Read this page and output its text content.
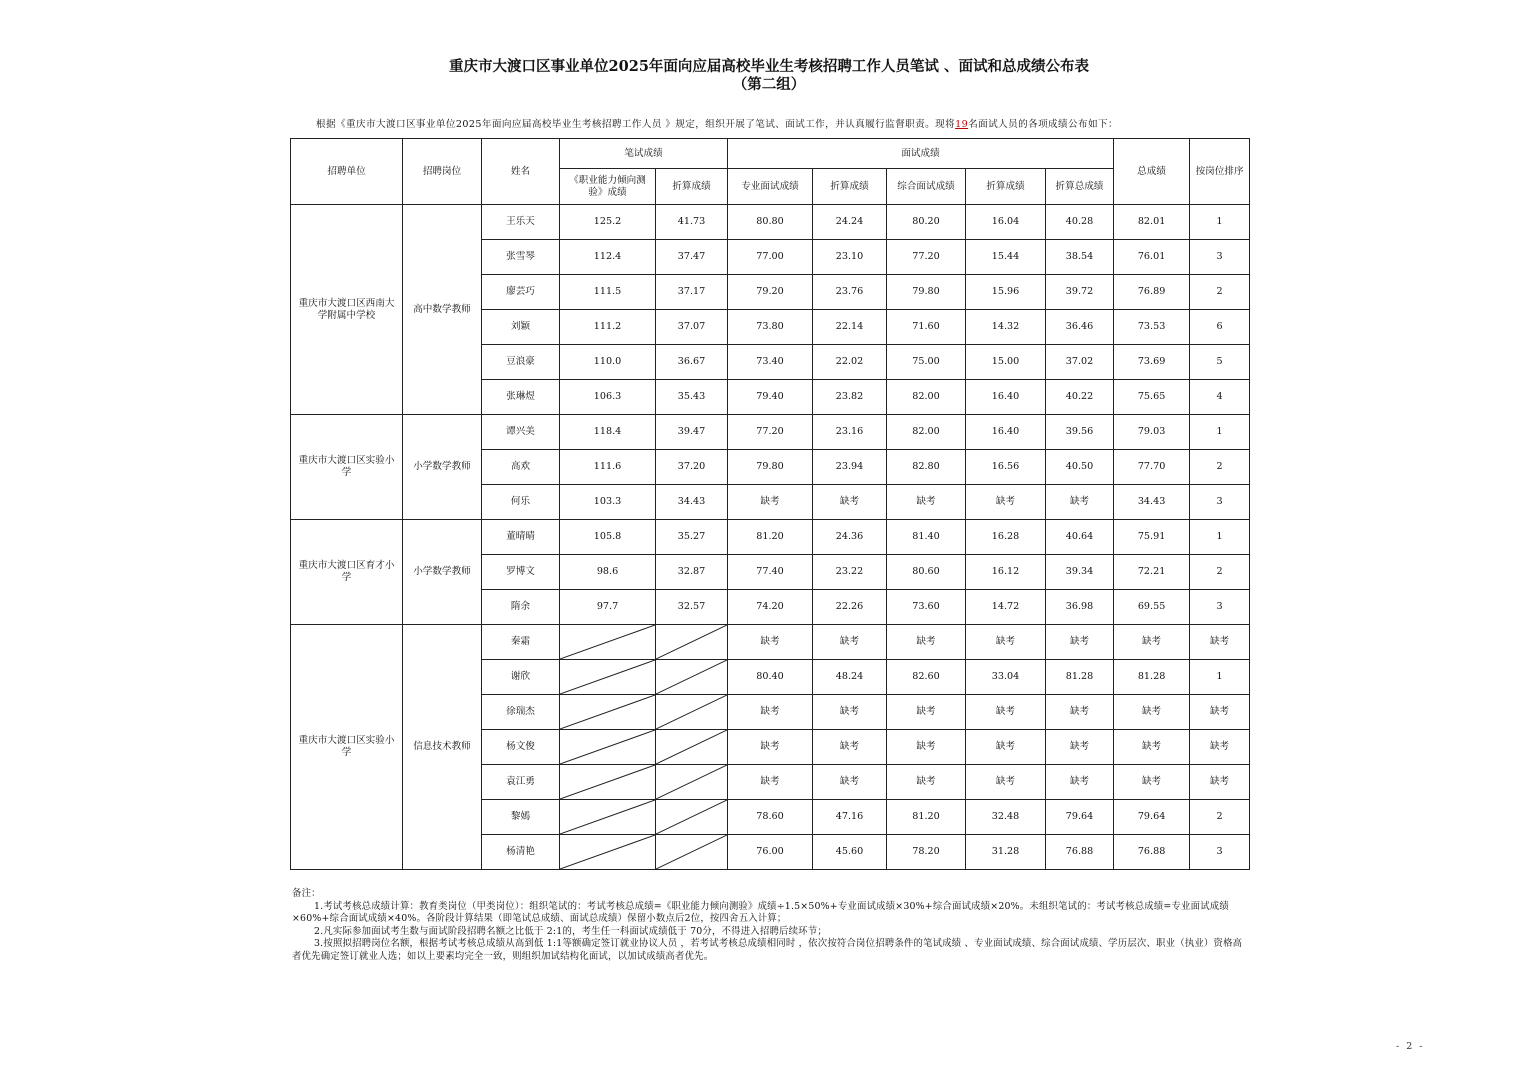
重庆市大渡口区事业单位2025年面向应届高校毕业生考核招聘工作人员笔试 、面试和总成绩公布表
（第二组）
根据《重庆市大渡口区事业单位2025年面向应届高校毕业生考核招聘工作人员 》规定，组织开展了笔试、面试工作，并认真履行监督职责。现将19名面试人员的各项成绩公布如下：
招聘单位	招聘岗位	姓名	笔试成绩		面试成绩					总成绩	按岗位排序
			《职业能力倾向测验》成绩	折算成绩	专业面试成绩	折算成绩	综合面试成绩	折算成绩	折算总成绩		
重庆市大渡口区西南大学附属中学校	高中数学教师	王乐天	125.2	41.73	80.80	24.24	80.20	16.04	40.28	82.01	1
		张雪琴	112.4	37.47	77.00	23.10	77.20	15.44	38.54	76.01	3
		廖芸巧	111.5	37.17	79.20	23.76	79.80	15.96	39.72	76.89	2
		刘颖	111.2	37.07	73.80	22.14	71.60	14.32	36.46	73.53	6
		豆浪豪	110.0	36.67	73.40	22.02	75.00	15.00	37.02	73.69	5
		张琳煜	106.3	35.43	79.40	23.82	82.00	16.40	40.22	75.65	4
重庆市大渡口区实验小学	小学数学教师	谭兴美	118.4	39.47	77.20	23.16	82.00	16.40	39.56	79.03	1
		高欢	111.6	37.20	79.80	23.94	82.80	16.56	40.50	77.70	2
		何乐	103.3	34.43	缺考	缺考	缺考	缺考	缺考	34.43	3
重庆市大渡口区育才小学	小学数学教师	董晴晴	105.8	35.27	81.20	24.36	81.40	16.28	40.64	75.91	1
		罗博文	98.6	32.87	77.40	23.22	80.60	16.12	39.34	72.21	2
		隋余	97.7	32.57	74.20	22.26	73.60	14.72	36.98	69.55	3
重庆市大渡口区实验小学	信息技术教师	秦霜			缺考	缺考	缺考	缺考	缺考	缺考	缺考
		谢欣			80.40	48.24	82.60	33.04	81.28	81.28	1
		徐瑞杰			缺考	缺考	缺考	缺考	缺考	缺考	缺考
		杨文俊			缺考	缺考	缺考	缺考	缺考	缺考	缺考
		袁江勇			缺考	缺考	缺考	缺考	缺考	缺考	缺考
		黎嫣			78.60	47.16	81.20	32.48	79.64	79.64	2
		杨清艳			76.00	45.60	78.20	31.28	76.88	76.88	3

备注：

1.考试考核总成绩计算：教育类岗位（甲类岗位）：组织笔试的：考试考核总成绩=《职业能力倾向测验》成绩÷1.5×50%+专业面试成绩×30%+综合面试成绩×20%。未组织笔试的：考试考核总成绩=专业面试成绩×60%+综合面试成绩×40%。各阶段计算结果（即笔试总成绩、面试总成绩）保留小数点后2位，按四舍五入计算；

2.凡实际参加面试考生数与面试阶段招聘名额之比低于 2:1的，考生任一科面试成绩低于 70分，不得进入招聘后续环节；

3.按照拟招聘岗位名额，根据考试考核总成绩从高到低 1:1等额确定签订就业协议人员 ，若考试考核总成绩相同时 ，依次按符合岗位招聘条件的笔试成绩 、专业面试成绩、综合面试成绩、学历层次、职业（执业）资格高者优先确定签订就业人选；如以上要素均完全一致，则组织加试结构化面试，以加试成绩高者优先。

- 2 -
